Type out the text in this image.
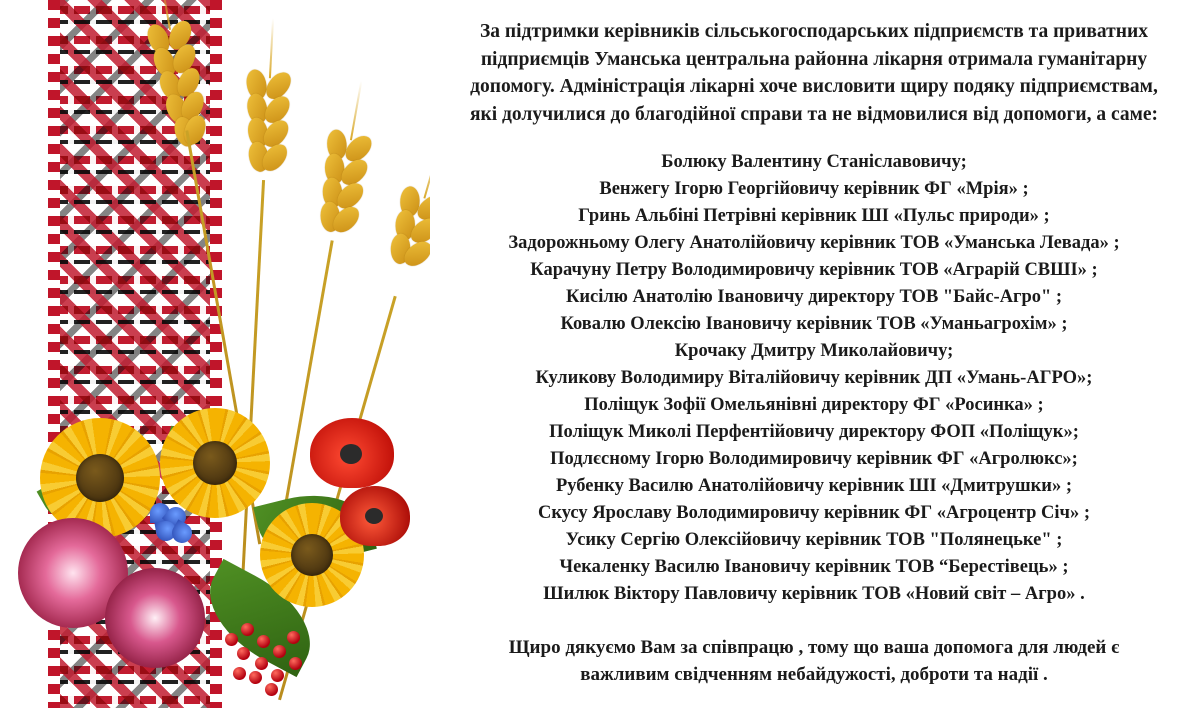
За підтримки керівників сільськогосподарських підприємств та приватних підприємців Уманська центральна районна лікарня отримала гуманітарну допомогу. Адміністрація лікарні хоче висловити щиру подяку підприємствам, які долучилися до благодійної справи та не відмовилися від допомоги, а саме:

Болюку Валентину Станіславовичу;
Венжегу Ігорю Георгійовичу керівник ФГ «Мрія» ;
Гринь Альбіні Петрівні керівник ШІ «Пульс природи» ;
Задорожньому Олегу Анатолійовичу керівник ТОВ «Уманська Левада» ;
Карачуну Петру Володимировичу керівник ТОВ «Аграрій СВШІ» ;
Кисілю Анатолію Івановичу директору ТОВ "Байс-Агро" ;
Ковалю Олексію Івановичу керівник ТОВ «Уманьагрохім» ;
Крочаку Дмитру Миколайовичу;
Куликову Володимиру Віталійовичу керівник ДП «Умань-АГРО»;
Поліщук Зофії Омельянівні директору ФГ «Росинка» ;
Поліщук Миколі Перфентійовичу директору ФОП «Поліщук»;
Подлєсному Ігорю Володимировичу керівник ФГ «Агролюкс»;
Рубенку Василю Анатолійовичу керівник ШІ «Дмитрушки» ;
Скусу Ярославу Володимировичу керівник ФГ «Агроцентр Січ» ;
Усику Сергію Олексійовичу керівник ТОВ "Полянецьке" ;
Чекаленку Василю Івановичу керівник ТОВ “Берестівець» ;
Шилюк Віктору Павловичу керівник ТОВ «Новий світ – Агро» .

Щиро дякуємо Вам за співпрацю , тому що ваша допомога для людей є важливим свідченням небайдужості, доброти та надії .
